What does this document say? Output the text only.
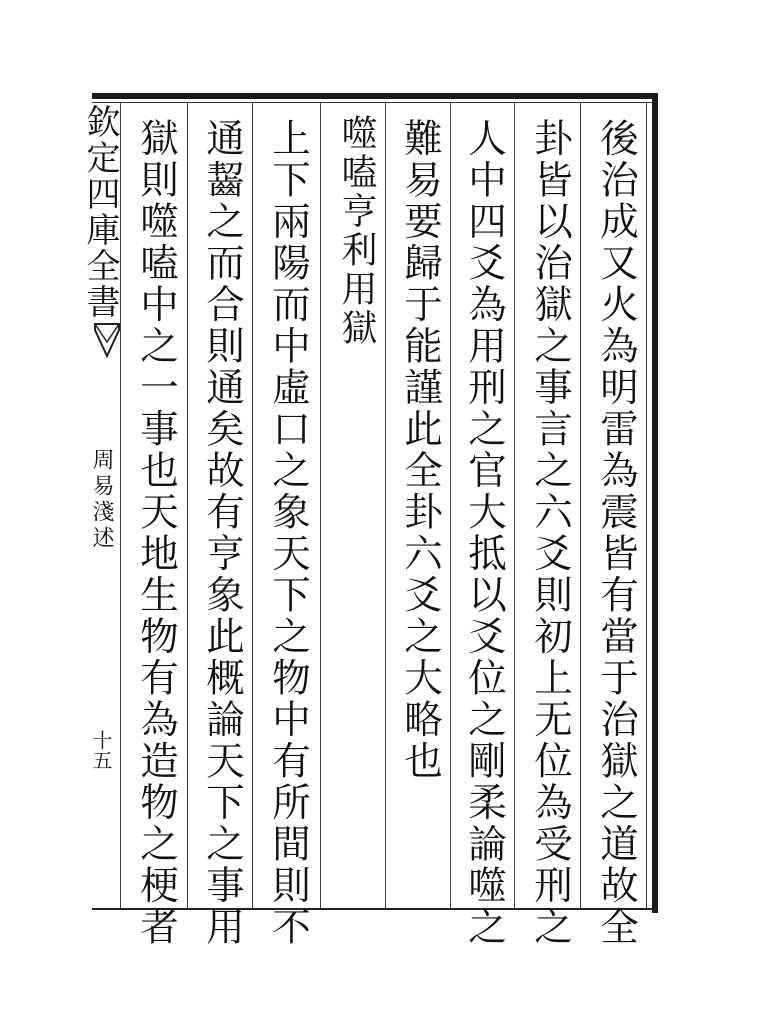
欽定四庫全書
周易淺述
十五	後治成又火為明雷為震皆有當于治獄之道故全
卦皆以治獄之事言之六爻則初上无位為受刑之
人中四爻為用刑之官大抵以爻位之剛柔論噬之
難易要歸于能謹此全卦六爻之大略也
噬嗑亨利用獄
上下兩陽而中虛口之象天下之物中有所間則不
通齧之而合則通矣故有亨象此概論天下之事用
獄則噬嗑中之一事也天地生物有為造物之梗者
